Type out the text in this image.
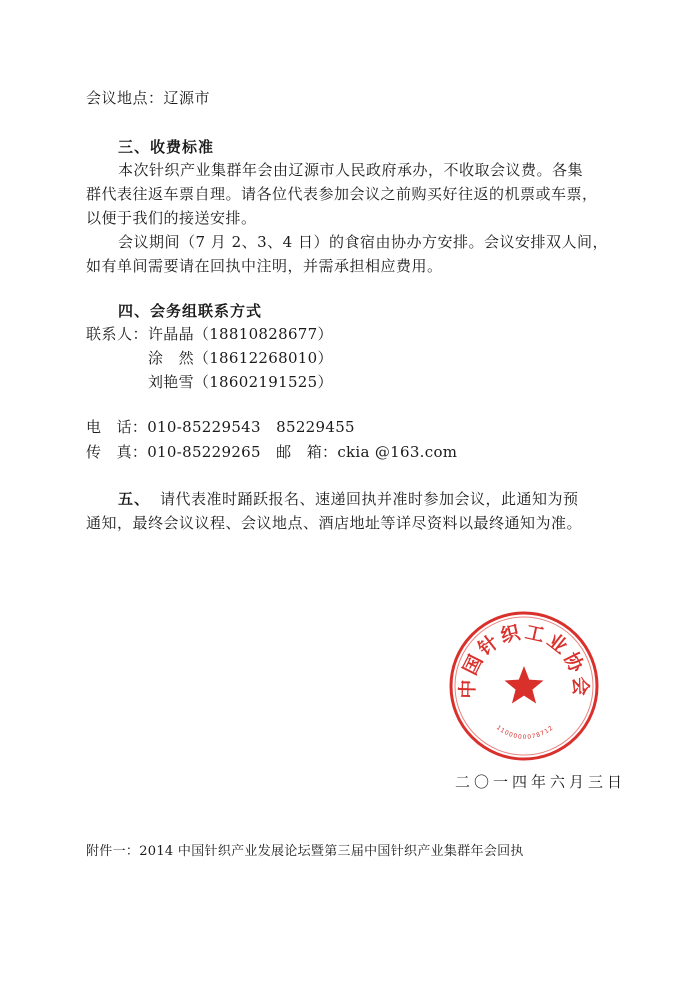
会议地点：辽源市
三、收费标准
本次针织产业集群年会由辽源市人民政府承办，不收取会议费。各集
群代表往返车票自理。请各位代表参加会议之前购买好往返的机票或车票，
以便于我们的接送安排。
会议期间（7 月 2、3、4 日）的食宿由协办方安排。会议安排双人间，
如有单间需要请在回执中注明，并需承担相应费用。
四、会务组联系方式
联系人： 许晶晶（18810828677）
涂　然（18612268010）
刘艳雪（18602191525）
电　话：010-85229543　85229455
传　真：010-85229265　邮　箱：ckia @163.com
五、 请代表准时踊跃报名、速递回执并准时参加会议，此通知为预
通知，最终会议议程、会议地点、酒店地址等详尽资料以最终通知为准。
中国针织工业协会
1100000078712
二〇一四年六月三日
附件一：2014 中国针织产业发展论坛暨第三届中国针织产业集群年会回执
